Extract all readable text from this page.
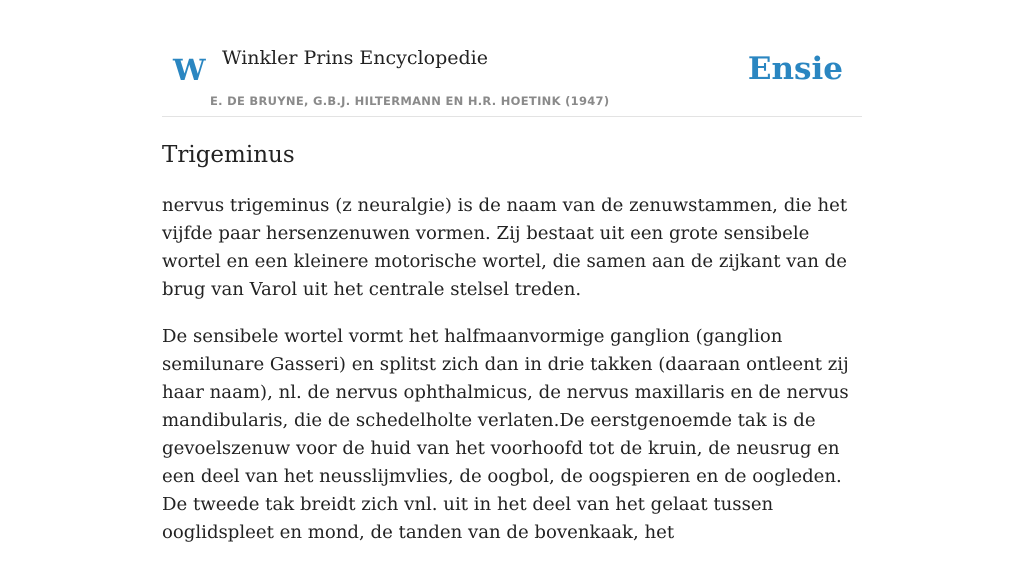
W Winkler Prins Encyclopedie
E. DE BRUYNE, G.B.J. HILTERMANN EN H.R. HOETINK (1947)
Ensie
Trigeminus

nervus trigeminus (z neuralgie) is de naam van de zenuwstammen, die het vijfde paar hersenzenuwen vormen. Zij bestaat uit een grote sensibele wortel en een kleinere motorische wortel, die samen aan de zijkant van de brug van Varol uit het centrale stelsel treden.

De sensibele wortel vormt het halfmaanvormige ganglion (ganglion semilunare Gasseri) en splitst zich dan in drie takken (daaraan ontleent zij haar naam), nl. de nervus ophthalmicus, de nervus maxillaris en de nervus mandibularis, die de schedelholte verlaten.De eerstgenoemde tak is de gevoelszenuw voor de huid van het voorhoofd tot de kruin, de neusrug en een deel van het neusslijmvlies, de oogbol, de oogspieren en de oogleden. De tweede tak breidt zich vnl. uit in het deel van het gelaat tussen ooglidspleet en mond, de tanden van de bovenkaak, het
